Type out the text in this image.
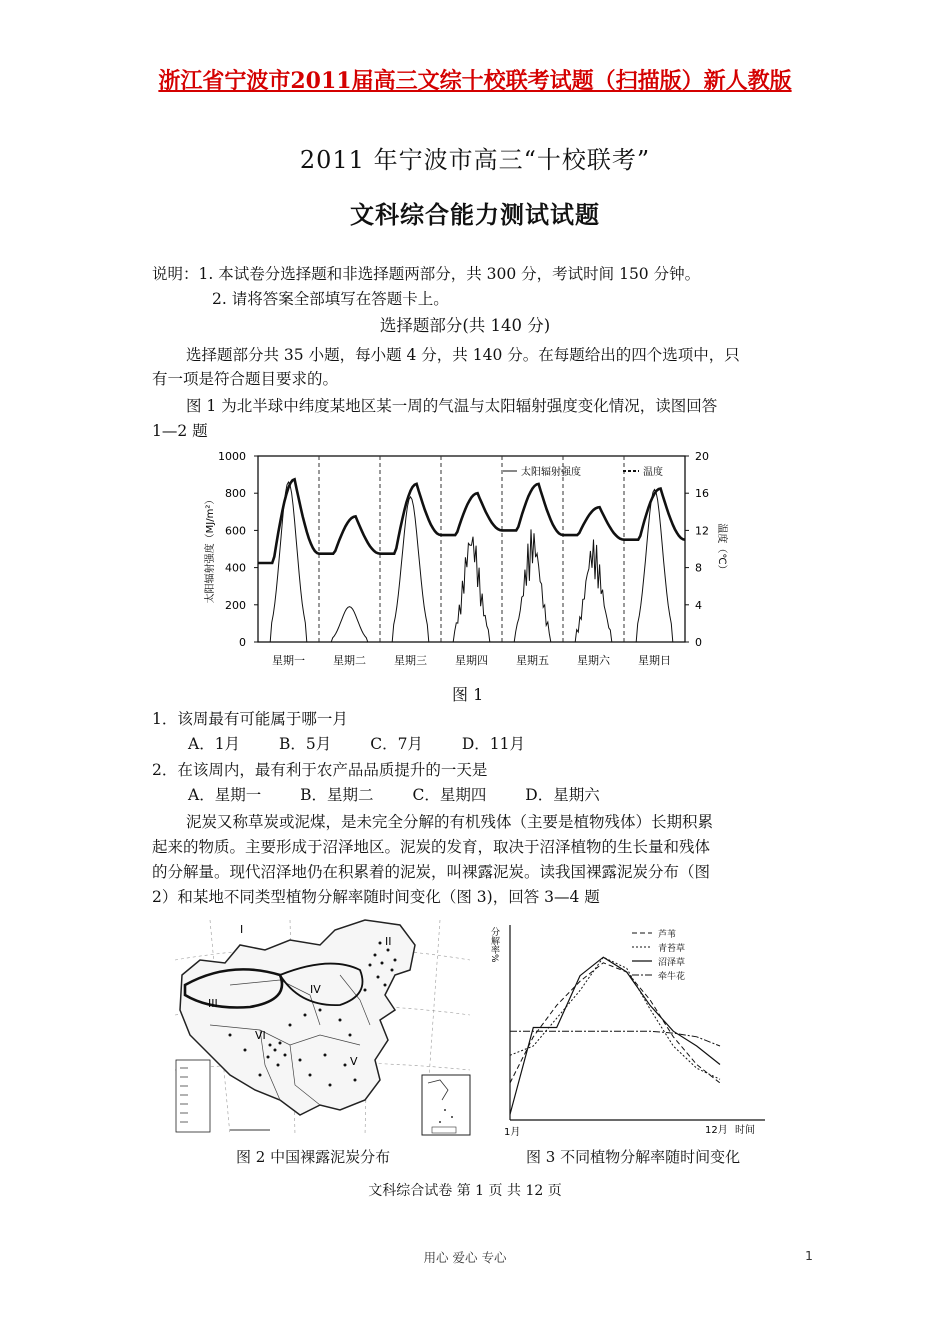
浙江省宁波市2011届高三文综十校联考试题（扫描版）新人教版
2011 年宁波市高三“十校联考”
文科综合能力测试试题
说明：1. 本试卷分选择题和非选择题两部分，共 300 分，考试时间 150 分钟。
2. 请将答案全部填写在答题卡上。
选择题部分(共 140 分)
选择题部分共 35 小题，每小题 4 分，共 140 分。在每题给出的四个选项中，只
有一项是符合题目要求的。
图 1 为北半球中纬度某地区某一周的气温与太阳辐射强度变化情况，读图回答
1—2 题
0
200
400
600
800
1000
0
4
8
12
16
20
太阳辐射强度（MJ/m²）	温度（℃）
星期一	星期二	星期三	星期四	星期五	星期六	星期日
太阳辐射强度	温度
图 1
1．该周最有可能属于哪一月
A．1月	B．5月	C．7月	D．11月
2．在该周内，最有利于农产品品质提升的一天是
A．星期一	B．星期二	C．星期四	D．星期六
泥炭又称草炭或泥煤，是未完全分解的有机残体（主要是植物残体）长期积累
起来的物质。主要形成于沼泽地区。泥炭的发育，取决于沼泽植物的生长量和残体
的分解量。现代沼泽地仍在积累着的泥炭，叫裸露泥炭。读我国裸露泥炭分布（图
2）和某地不同类型植物分解率随时间变化（图 3)，回答 3—4 题
I
II
III
IV
V
VI
图 2 中国裸露泥炭分布
分解率%
1月	12月 时间
芦苇
青苔草
沼泽草
牵牛花
图 3 不同植物分解率随时间变化
文科综合试卷 第 1 页 共 12 页
用心 爱心 专心	1
